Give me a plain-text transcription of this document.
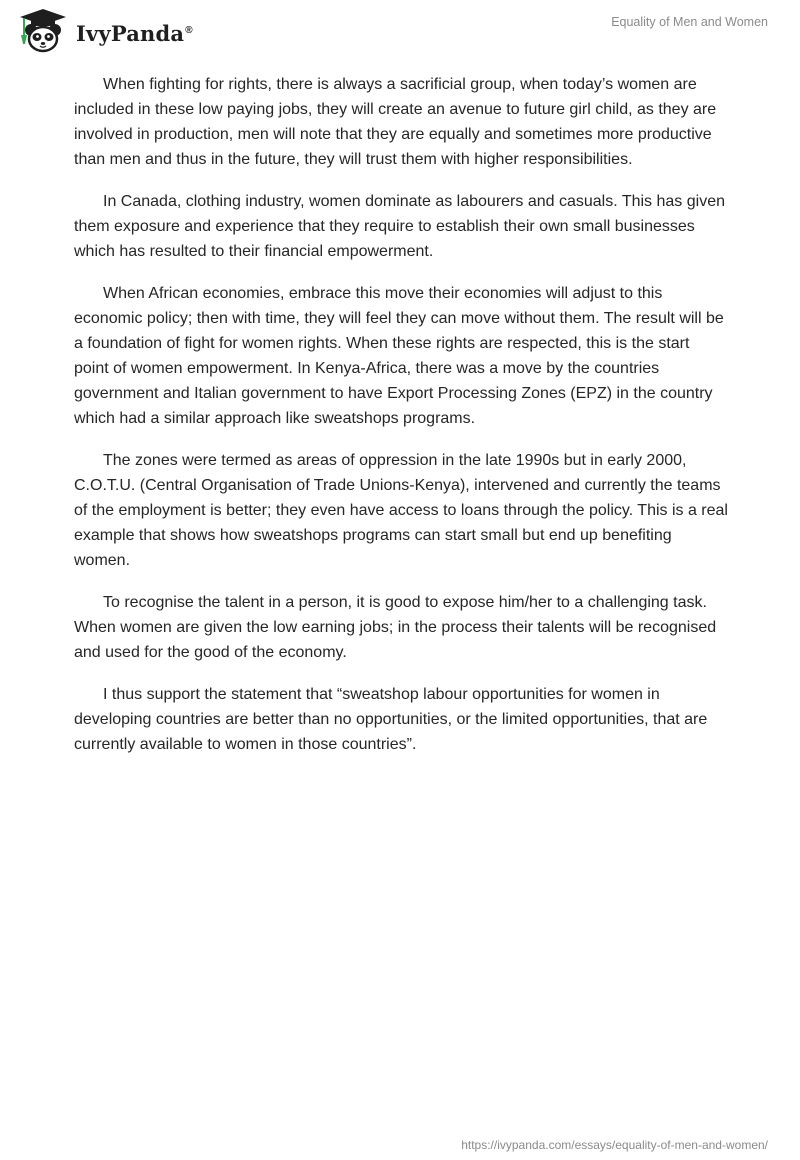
IvyPanda®
Equality of Men and Women

When fighting for rights, there is always a sacrificial group, when today’s women are included in these low paying jobs, they will create an avenue to future girl child, as they are involved in production, men will note that they are equally and sometimes more productive than men and thus in the future, they will trust them with higher responsibilities.

In Canada, clothing industry, women dominate as labourers and casuals. This has given them exposure and experience that they require to establish their own small businesses which has resulted to their financial empowerment.

When African economies, embrace this move their economies will adjust to this economic policy; then with time, they will feel they can move without them. The result will be a foundation of fight for women rights. When these rights are respected, this is the start point of women empowerment. In Kenya-Africa, there was a move by the countries government and Italian government to have Export Processing Zones (EPZ) in the country which had a similar approach like sweatshops programs.

The zones were termed as areas of oppression in the late 1990s but in early 2000, C.O.T.U. (Central Organisation of Trade Unions-Kenya), intervened and currently the teams of the employment is better; they even have access to loans through the policy. This is a real example that shows how sweatshops programs can start small but end up benefiting women.

To recognise the talent in a person, it is good to expose him/her to a challenging task. When women are given the low earning jobs; in the process their talents will be recognised and used for the good of the economy.

I thus support the statement that “sweatshop labour opportunities for women in developing countries are better than no opportunities, or the limited opportunities, that are currently available to women in those countries”.

https://ivypanda.com/essays/equality-of-men-and-women/
